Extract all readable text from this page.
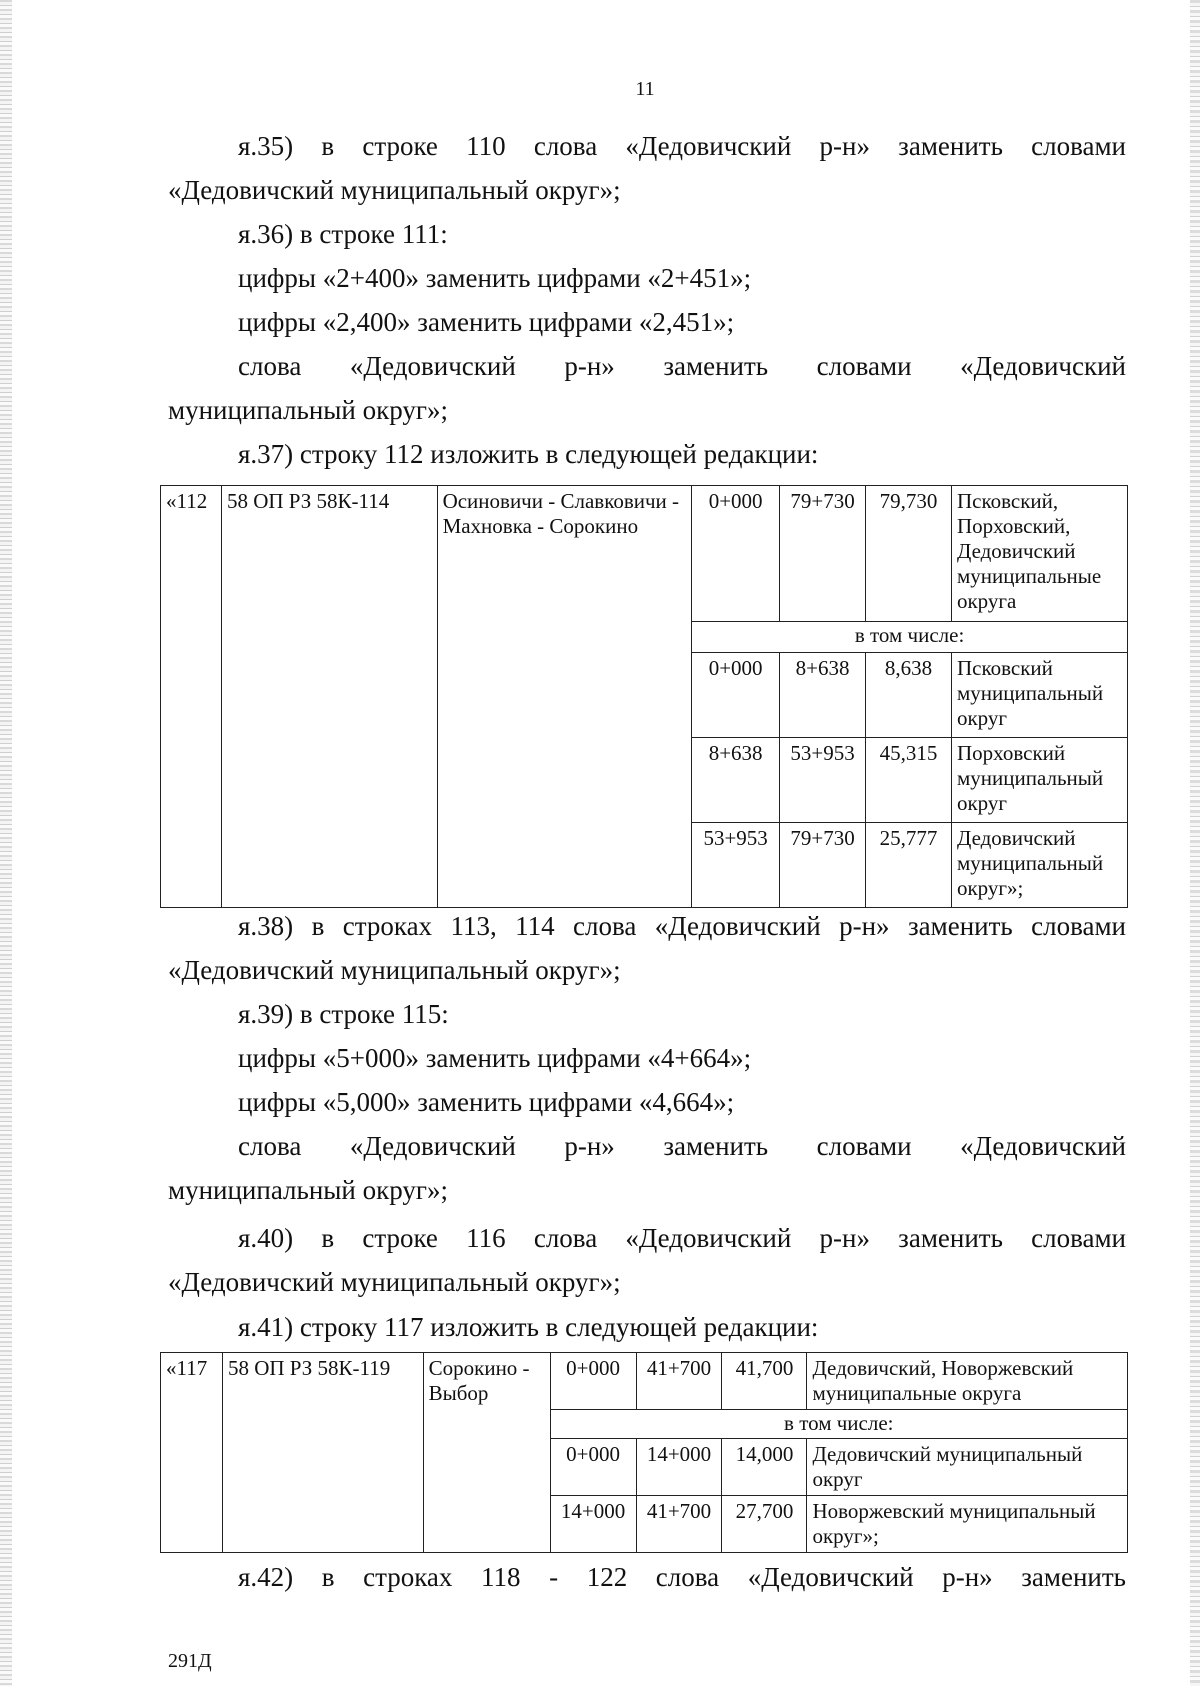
11
я.35) в строке 110 слова «Дедовичский р-н» заменить словами
«Дедовичский муниципальный округ»;
я.36) в строке 111:
цифры «2+400» заменить цифрами «2+451»;
цифры «2,400» заменить цифрами «2,451»;
слова «Дедовичский р-н» заменить словами «Дедовичский
муниципальный округ»;
я.37) строку 112 изложить в следующей редакции:
«112	58 ОП РЗ 58К-114	Осиновичи - Славковичи - Махновка - Сорокино	0+000	79+730	79,730	Псковский, Порховский, Дедовичский муниципальные округа
			в том числе:			
			0+000	8+638	8,638	Псковский муниципальный округ
			8+638	53+953	45,315	Порховский муниципальный округ
			53+953	79+730	25,777	Дедовичский муниципальный округ»;
я.38) в строках 113, 114 слова «Дедовичский р-н» заменить словами
«Дедовичский муниципальный округ»;
я.39) в строке 115:
цифры «5+000» заменить цифрами «4+664»;
цифры «5,000» заменить цифрами «4,664»;
слова «Дедовичский р-н» заменить словами «Дедовичский
муниципальный округ»;
я.40) в строке 116 слова «Дедовичский р-н» заменить словами
«Дедовичский муниципальный округ»;
я.41) строку 117 изложить в следующей редакции:
«117	58 ОП РЗ 58К-119	Сорокино - Выбор	0+000	41+700	41,700	Дедовичский, Новоржевский муниципальные округа
			в том числе:			
			0+000	14+000	14,000	Дедовичский муниципальный округ
			14+000	41+700	27,700	Новоржевский муниципальный округ»;
я.42) в строках 118 - 122 слова «Дедовичский р-н» заменить
291Д
